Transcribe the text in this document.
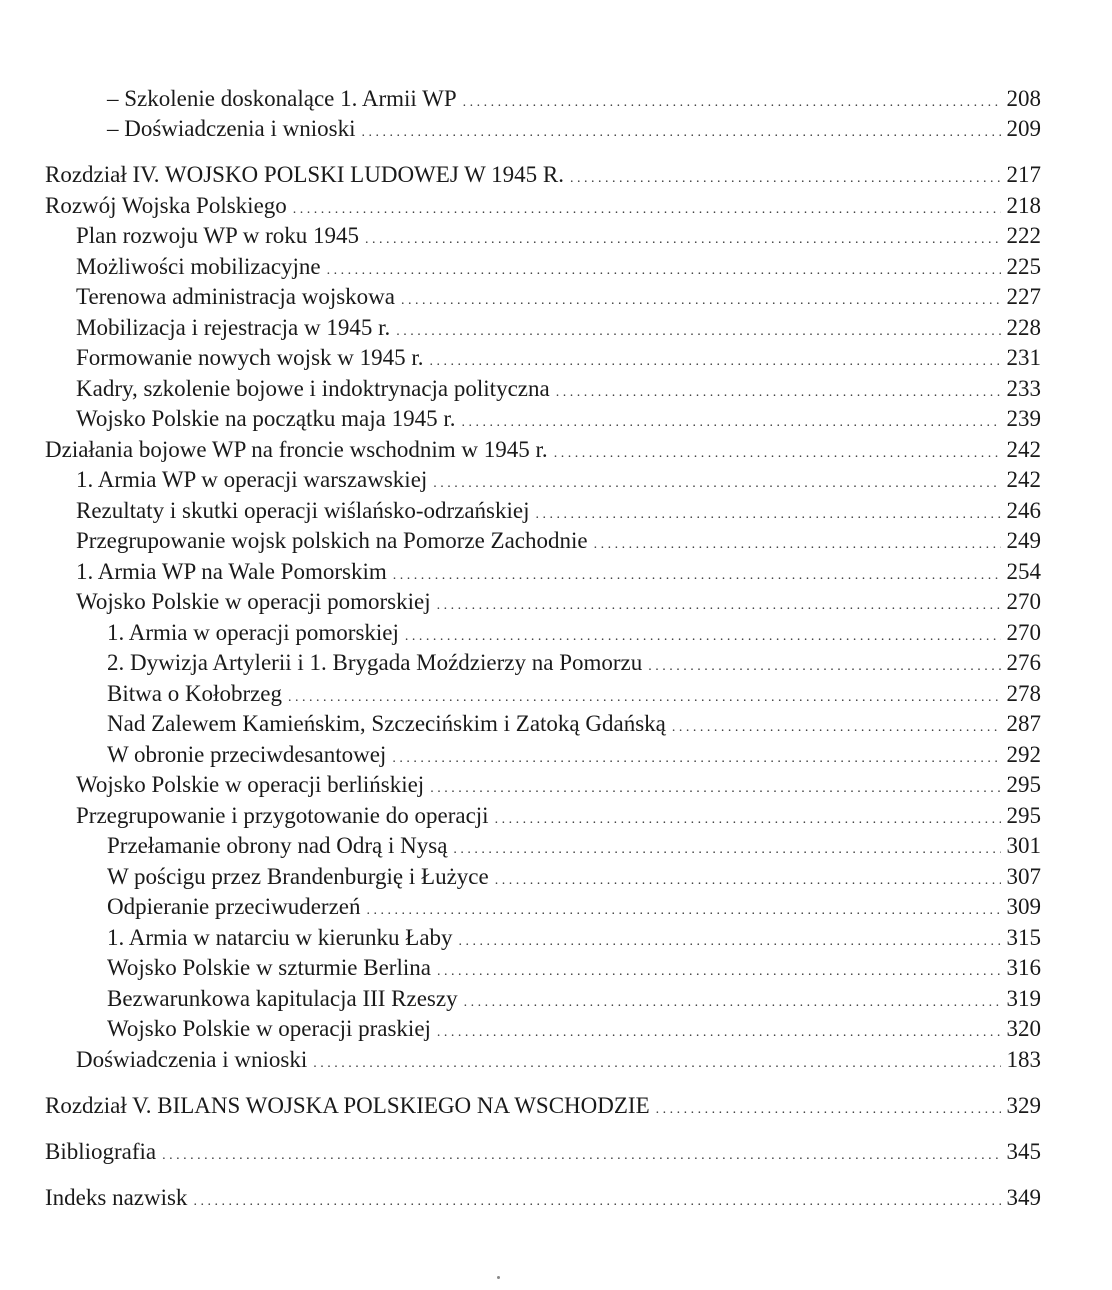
– Szkolenie doskonalące 1. Armii WP . . .	208
– Doświadczenia i wnioski . . .	209
Rozdział IV. WOJSKO POLSKI LUDOWEJ W 1945 R. . . .	217
Rozwój Wojska Polskiego . . .	218
Plan rozwoju WP w roku 1945 . . .	222
Możliwości mobilizacyjne . . .	225
Terenowa administracja wojskowa . . .	227
Mobilizacja i rejestracja w 1945 r. . . .	228
Formowanie nowych wojsk w 1945 r. . . .	231
Kadry, szkolenie bojowe i indoktrynacja polityczna . . .	233
Wojsko Polskie na początku maja 1945 r. . . .	239
Działania bojowe WP na froncie wschodnim w 1945 r. . . .	242
1. Armia WP w operacji warszawskiej . . .	242
Rezultaty i skutki operacji wiślańsko-odrzańskiej . . .	246
Przegrupowanie wojsk polskich na Pomorze Zachodnie . . .	249
1. Armia WP na Wale Pomorskim . . .	254
Wojsko Polskie w operacji pomorskiej . . .	270
1. Armia w operacji pomorskiej . . .	270
2. Dywizja Artylerii i 1. Brygada Moździerzy na Pomorzu . . .	276
Bitwa o Kołobrzeg . . .	278
Nad Zalewem Kamieńskim, Szczecińskim i Zatoką Gdańską . . .	287
W obronie przeciwdesantowej . . .	292
Wojsko Polskie w operacji berlińskiej . . .	295
Przegrupowanie i przygotowanie do operacji . . .	295
Przełamanie obrony nad Odrą i Nysą . . .	301
W pościgu przez Brandenburgię i Łużyce . . .	307
Odpieranie przeciwuderzeń . . .	309
1. Armia w natarciu w kierunku Łaby . . .	315
Wojsko Polskie w szturmie Berlina . . .	316
Bezwarunkowa kapitulacja III Rzeszy . . .	319
Wojsko Polskie w operacji praskiej . . .	320
Doświadczenia i wnioski . . .	183
Rozdział V. BILANS WOJSKA POLSKIEGO NA WSCHODZIE . . .	329
Bibliografia . . .	345
Indeks nazwisk . . .	349
